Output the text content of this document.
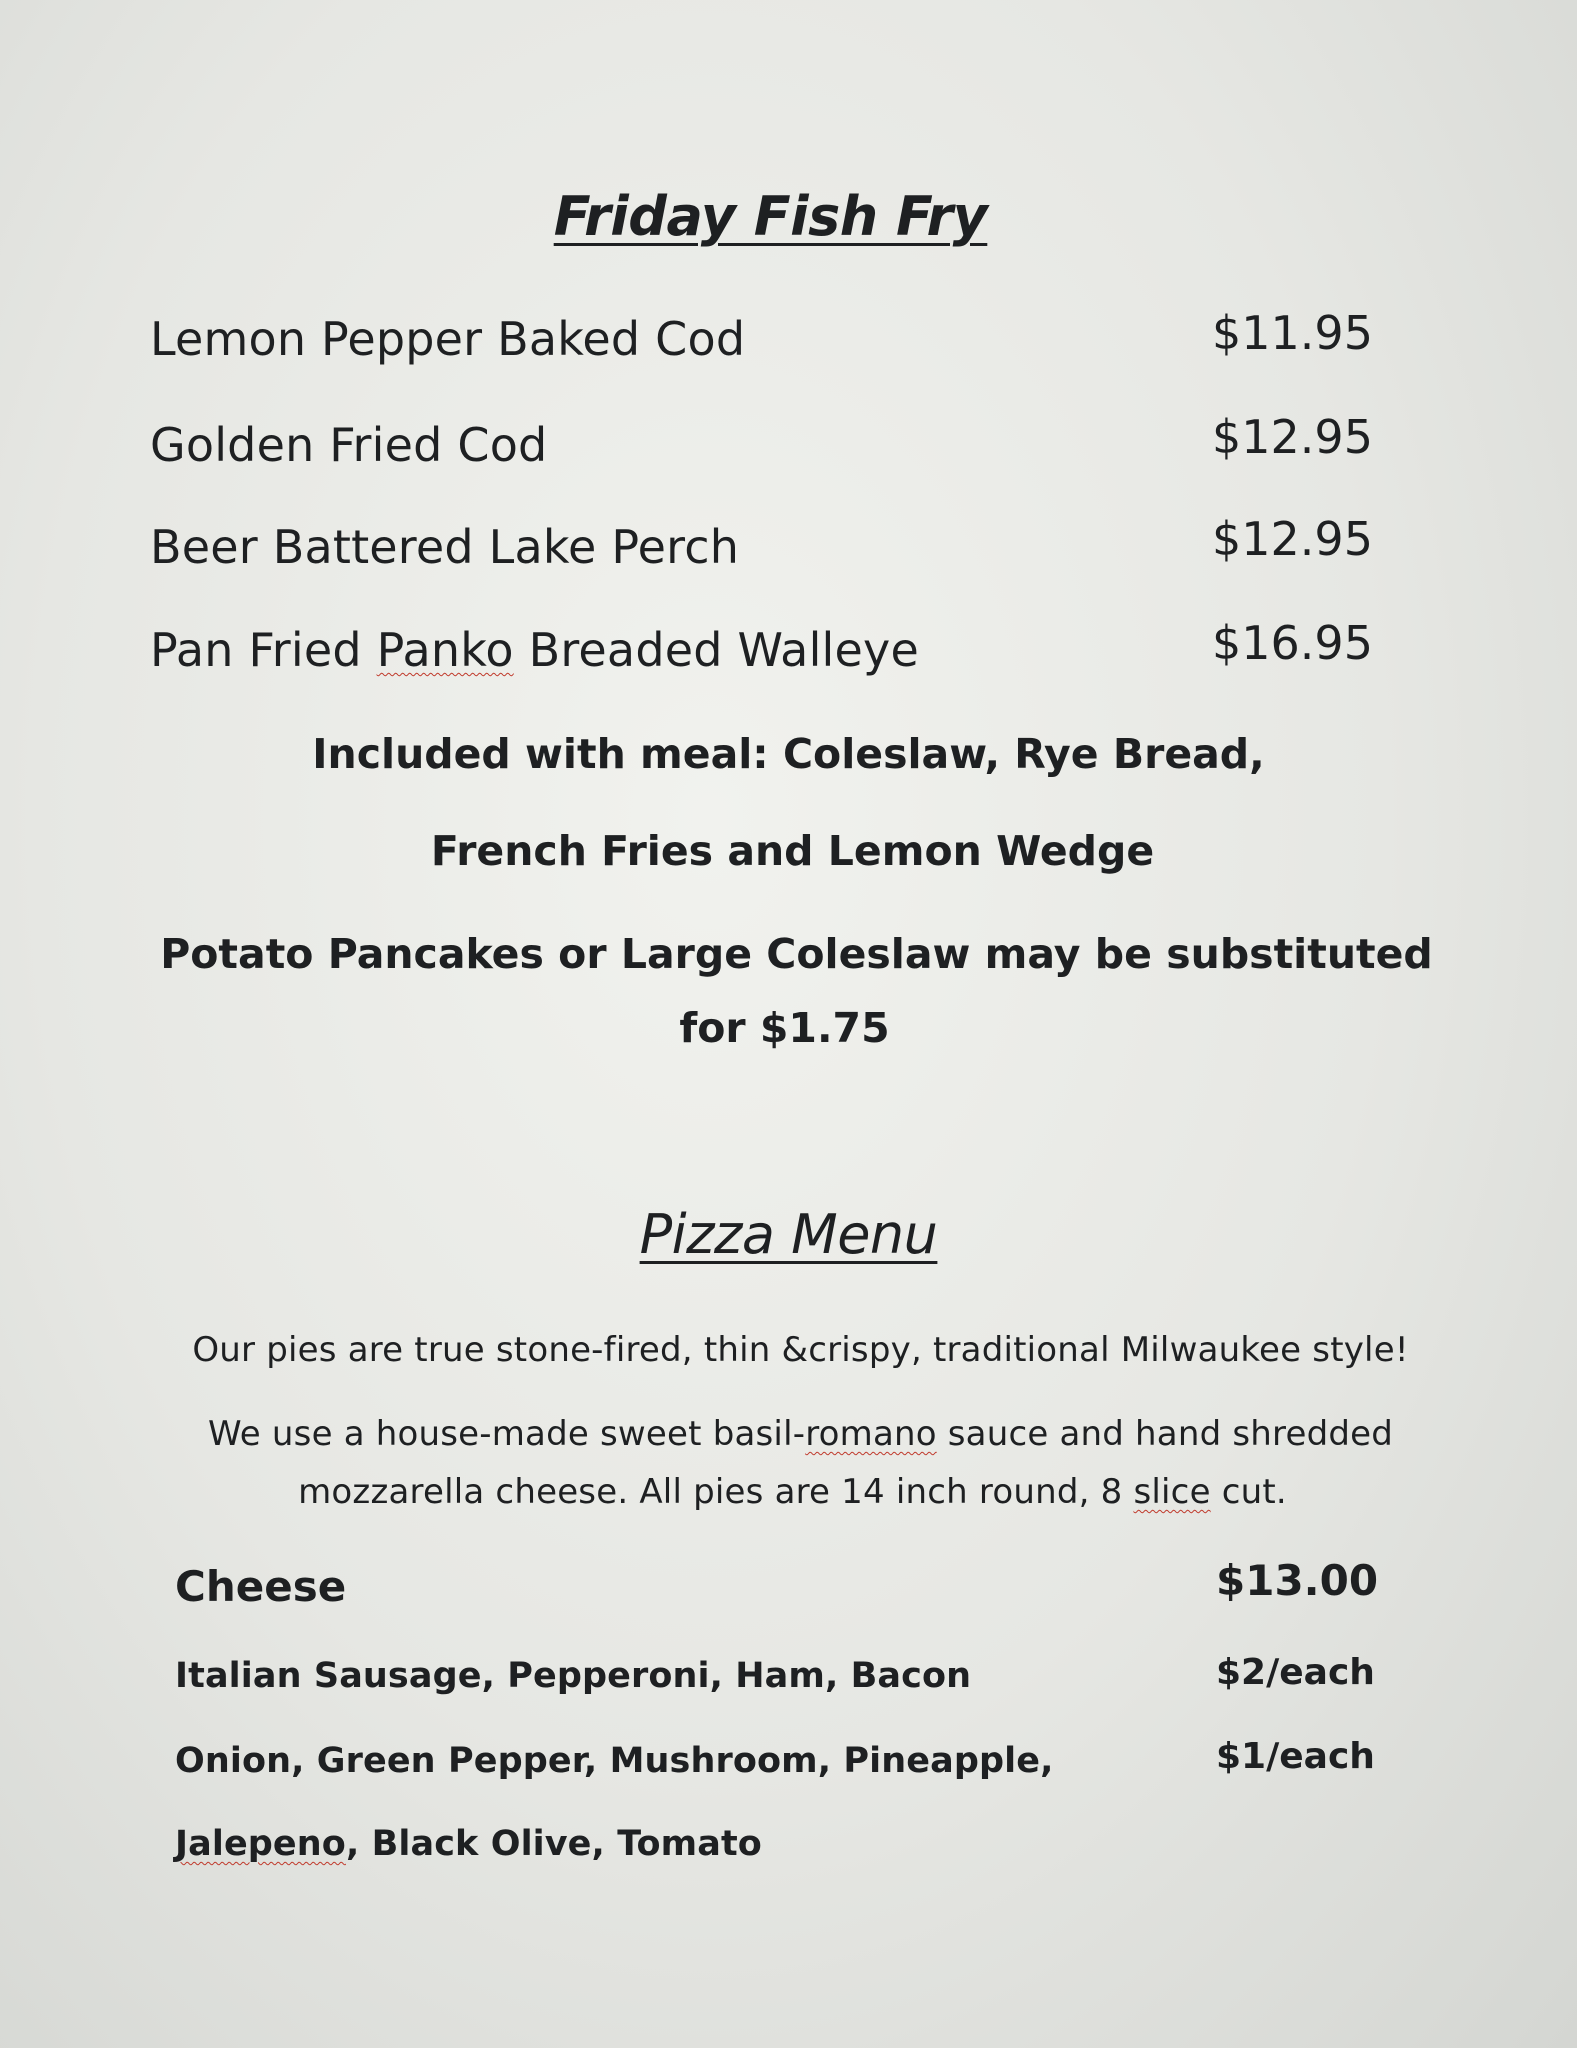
Friday Fish Fry
Lemon Pepper Baked Cod	$11.95
Golden Fried Cod	$12.95
Beer Battered Lake Perch	$12.95
Pan Fried Panko Breaded Walleye	$16.95
Included with meal: Coleslaw, Rye Bread,
French Fries and Lemon Wedge
Potato Pancakes or Large Coleslaw may be substituted
for $1.75
Pizza Menu
Our pies are true stone-fired, thin &crispy, traditional Milwaukee style!
We use a house-made sweet basil-romano sauce and hand shredded
mozzarella cheese. All pies are 14 inch round, 8 slice cut.
Cheese	$13.00
Italian Sausage, Pepperoni, Ham, Bacon	$2/each
Onion, Green Pepper, Mushroom, Pineapple,	$1/each
Jalepeno, Black Olive, Tomato
